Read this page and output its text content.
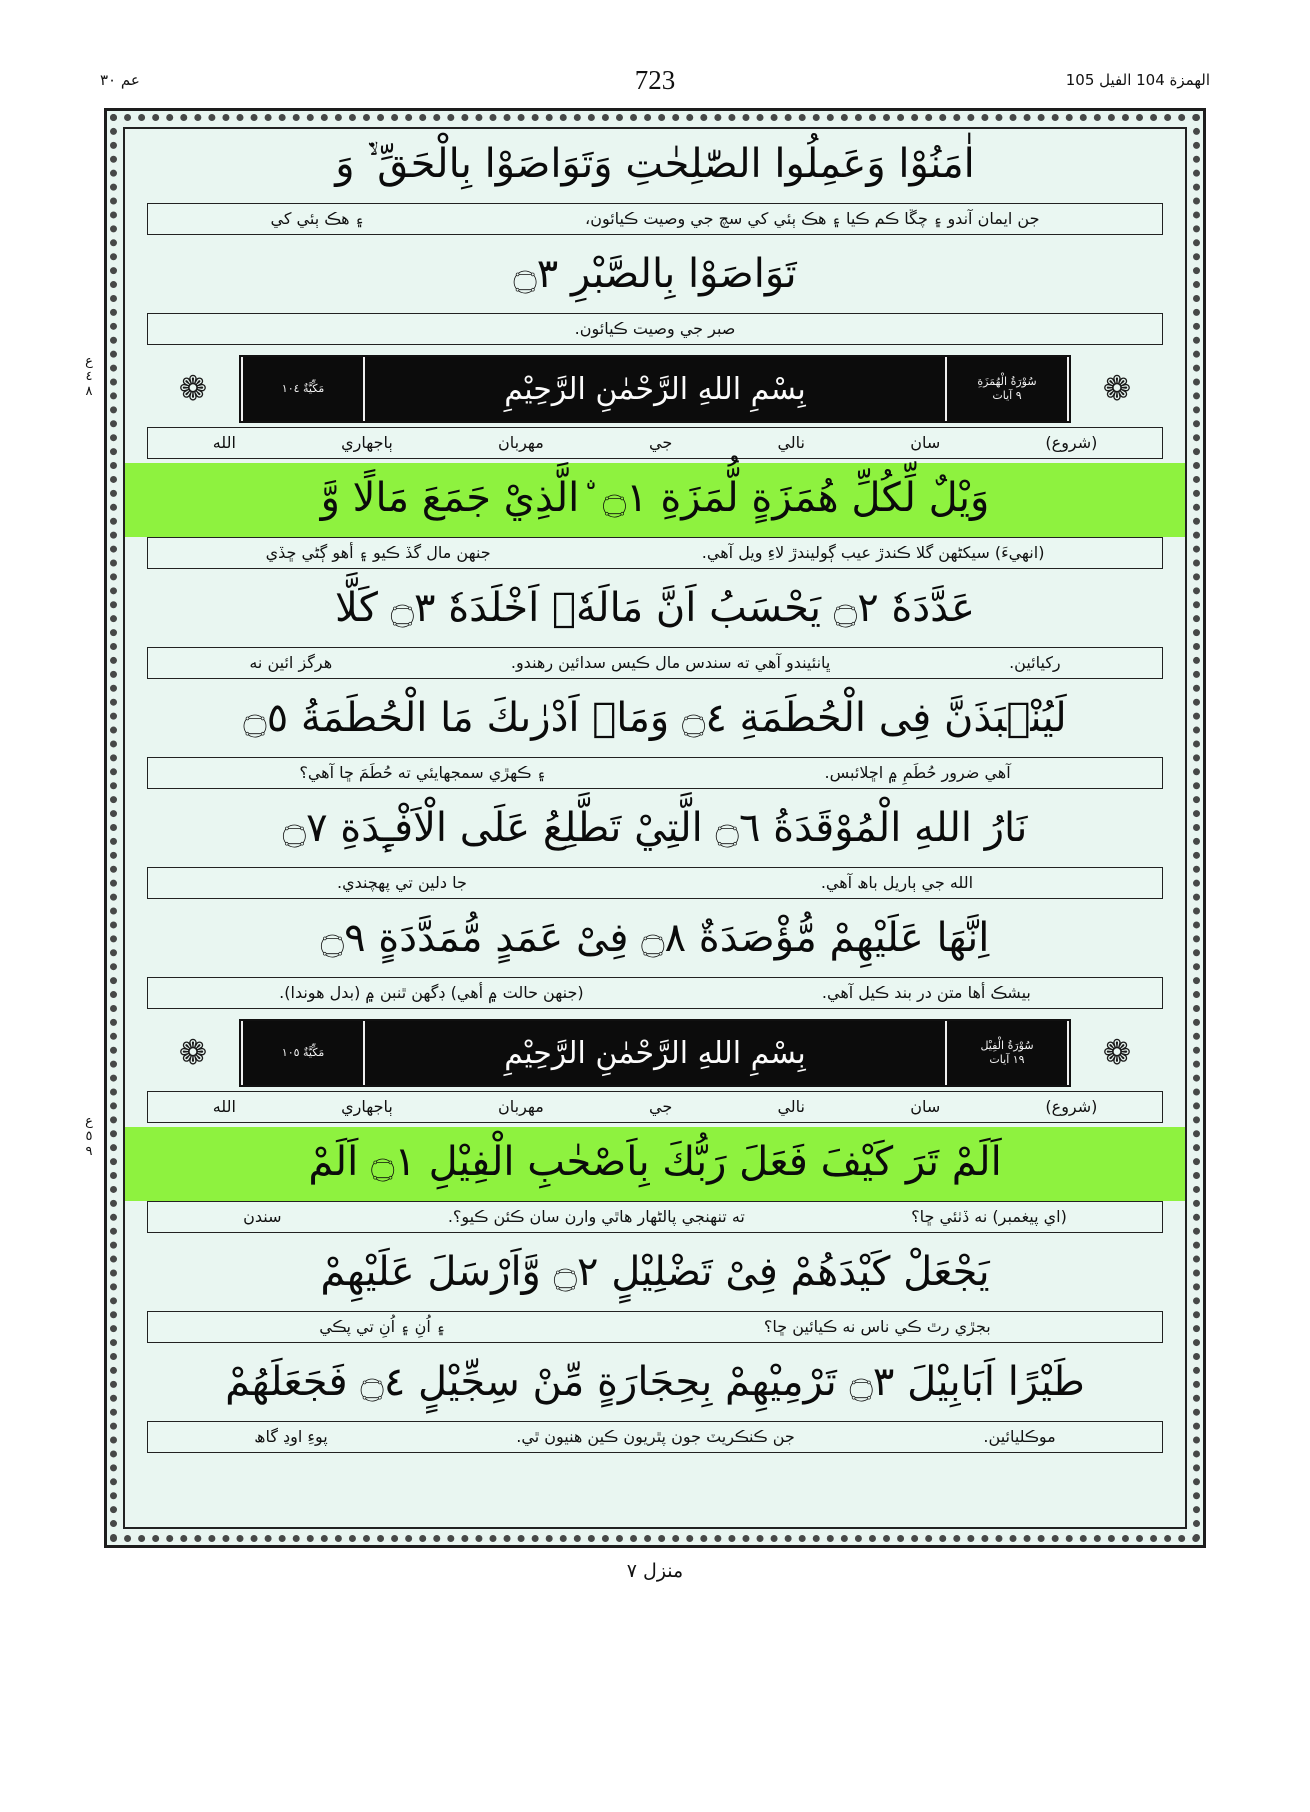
الهمزة 104 الفيل 105
723
عم ٣٠
ع
٤
٨
ع
٥
٩
اٰمَنُوْا وَعَمِلُوا الصّٰلِحٰتِ وَتَوَاصَوْا بِالْحَقِّ ۙ۬ وَ
جن ايمان آندو ۽ چڱا ڪم ڪيا ۽ هڪ ٻئي کي سچ جي وصيت ڪيائون،
۽ هڪ ٻئي کي
تَوَاصَوْا بِالصَّبْرِ ۝٣
صبر جي وصيت ڪيائون.
❁
سُوْرَةُ الْهُمَزَةِ
٩ آيات
بِسْمِ اللهِ الرَّحْمٰنِ الرَّحِيْمِ
مَكِّيَّةٌ ١٠٤
❁
(شروع)
سان
نالي
جي
مهربان
ٻاجهاري
الله
وَيْلٌ لِّكُلِّ هُمَزَةٍ لُّمَزَةِ ۝١ ۨالَّذِيْ جَمَعَ مَالًا وَّ
(انهيءَ) سيکڻهن گلا ڪندڙ عيب ڳوليندڙ لاءِ ويل آهي.
جنهن مال گڏ ڪيو ۽ أهو ڳڻي ڇڏي
عَدَّدَهٗ ۝٢ يَحْسَبُ اَنَّ مَالَهٗۤ اَخْلَدَهٗ ۝٣ كَلَّا
رکيائين.
ڀانئيندو آهي ته سندس مال ڪيس سدائين رهندو.
هرگز ائين نه
لَيُنْۢبَذَنَّ فِى الْحُطَمَةِ ۝٤ وَمَاۤ اَدْرٰىكَ مَا الْحُطَمَةُ ۝٥
آهي ضرور حُطَمِ ۾ اڇلائبس.
۽ ڪهڙي سمجهايئي ته حُطَمَ ڇا آهي؟
نَارُ اللهِ الْمُوْقَدَةُ ۝٦ الَّتِيْ تَطَّلِعُ عَلَى الْاَفْـِٕدَةِ ۝٧
الله جي ٻاريل باھ آهي.
جا دلين تي پهچندي.
اِنَّهَا عَلَيْهِمْ مُّؤْصَدَةٌ ۝٨ فِىْ عَمَدٍ مُّمَدَّدَةٍ ۝٩
بيشڪ أها متن در بند ڪيل آهي.
(جنهن حالت ۾ أهي) ڊگهن ٿنبن ۾ (بدل هوندا).
❁
سُوْرَةُ الْفِيْل
١٩ آيات
بِسْمِ اللهِ الرَّحْمٰنِ الرَّحِيْمِ
مَكِّيَّةٌ ١٠٥
❁
(شروع)
سان
نالي
جي
مهربان
ٻاجهاري
الله
اَلَمْ تَرَ كَيْفَ فَعَلَ رَبُّكَ بِاَصْحٰبِ الْفِيْلِ ۝١ اَلَمْ
(اي پيغمبر) نه ڏٺئي ڇا؟
ته تنهنجي پالڻهار هاٿي وارن سان ڪئن ڪيو؟.
سندن
يَجْعَلْ كَيْدَهُمْ فِىْ تَضْلِيْلٍ ۝٢ وَّاَرْسَلَ عَلَيْهِمْ
بجڙي رٿ ڪي ناس نه ڪيائين ڇا؟
۽ اُنِ ۽ اُنِ تي پڪي
طَيْرًا اَبَابِيْلَ ۝٣ تَرْمِيْهِمْ بِحِجَارَةٍ مِّنْ سِجِّيْلٍ ۝٤ فَجَعَلَهُمْ
موڪليائين.
جن ڪنڪريٽ جون پٿريون ڪين هنيون ٿي.
پوءِ اوڍ گاھ
منزل ٧
